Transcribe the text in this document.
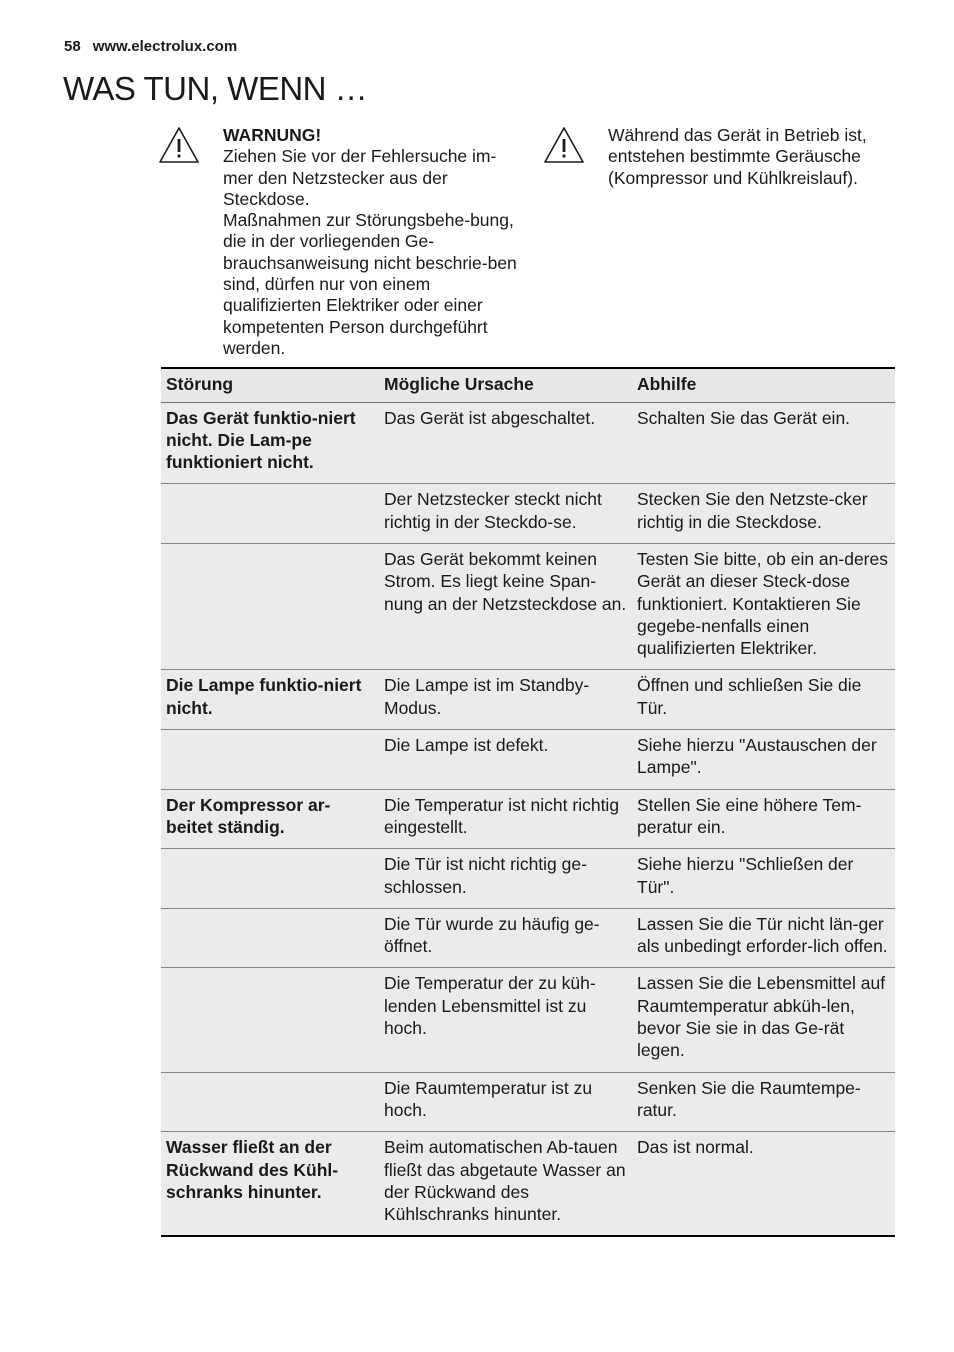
58 www.electrolux.com
WAS TUN, WENN …
WARNUNG!
Ziehen Sie vor der Fehlersuche im-mer den Netzstecker aus der Steckdose.
Maßnahmen zur Störungsbehe-bung, die in der vorliegenden Ge-brauchsanweisung nicht beschrie-ben sind, dürfen nur von einem qualifizierten Elektriker oder einer kompetenten Person durchgeführt werden.
Während das Gerät in Betrieb ist, entstehen bestimmte Geräusche (Kompressor und Kühlkreislauf).
Störung	Mögliche Ursache	Abhilfe
Das Gerät funktio-niert nicht. Die Lam-pe funktioniert nicht.	Das Gerät ist abgeschaltet.	Schalten Sie das Gerät ein.
	Der Netzstecker steckt nicht richtig in der Steckdo-se.	Stecken Sie den Netzste-cker richtig in die Steckdose.
	Das Gerät bekommt keinen Strom. Es liegt keine Span-nung an der Netzsteckdose an.	Testen Sie bitte, ob ein an-deres Gerät an dieser Steck-dose funktioniert. Kontaktieren Sie gegebe-nenfalls einen qualifizierten Elektriker.
Die Lampe funktio-niert nicht.	Die Lampe ist im Standby-Modus.	Öffnen und schließen Sie die Tür.
	Die Lampe ist defekt.	Siehe hierzu "Austauschen der Lampe".
Der Kompressor ar-beitet ständig.	Die Temperatur ist nicht richtig eingestellt.	Stellen Sie eine höhere Tem-peratur ein.
	Die Tür ist nicht richtig ge-schlossen.	Siehe hierzu "Schließen der Tür".
	Die Tür wurde zu häufig ge-öffnet.	Lassen Sie die Tür nicht län-ger als unbedingt erforder-lich offen.
	Die Temperatur der zu küh-lenden Lebensmittel ist zu hoch.	Lassen Sie die Lebensmittel auf Raumtemperatur abküh-len, bevor Sie sie in das Ge-rät legen.
	Die Raumtemperatur ist zu hoch.	Senken Sie die Raumtempe-ratur.
Wasser fließt an der Rückwand des Kühl-schranks hinunter.	Beim automatischen Ab-tauen fließt das abgetaute Wasser an der Rückwand des Kühlschranks hinunter.	Das ist normal.
